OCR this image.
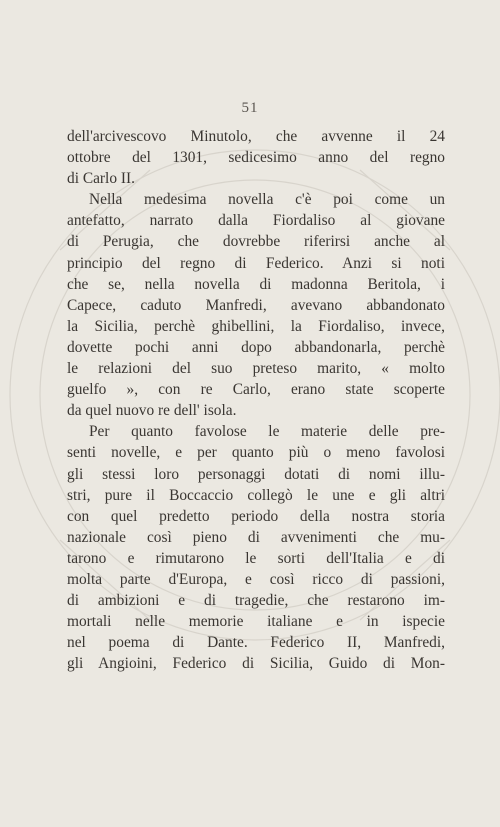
51
dell'arcivescovo Minutolo, che avvenne il 24
ottobre del 1301, sedicesimo anno del regno
di Carlo II.
Nella medesima novella c'è poi come un
antefatto, narrato dalla Fiordaliso al giovane
di Perugia, che dovrebbe riferirsi anche al
principio del regno di Federico. Anzi si noti
che se, nella novella di madonna Beritola, i
Capece, caduto Manfredi, avevano abbandonato
la Sicilia, perchè ghibellini, la Fiordaliso, invece,
dovette pochi anni dopo abbandonarla, perchè
le relazioni del suo preteso marito, « molto
guelfo », con re Carlo, erano state scoperte
da quel nuovo re dell' isola.
Per quanto favolose le materie delle pre-
senti novelle, e per quanto più o meno favolosi
gli stessi loro personaggi dotati di nomi illu-
stri, pure il Boccaccio collegò le une e gli altri
con quel predetto periodo della nostra storia
nazionale così pieno di avvenimenti che mu-
tarono e rimutarono le sorti dell'Italia e di
molta parte d'Europa, e così ricco di passioni,
di ambizioni e di tragedie, che restarono im-
mortali nelle memorie italiane e in ispecie
nel poema di Dante. Federico II, Manfredi,
gli Angioini, Federico di Sicilia, Guido di Mon-
